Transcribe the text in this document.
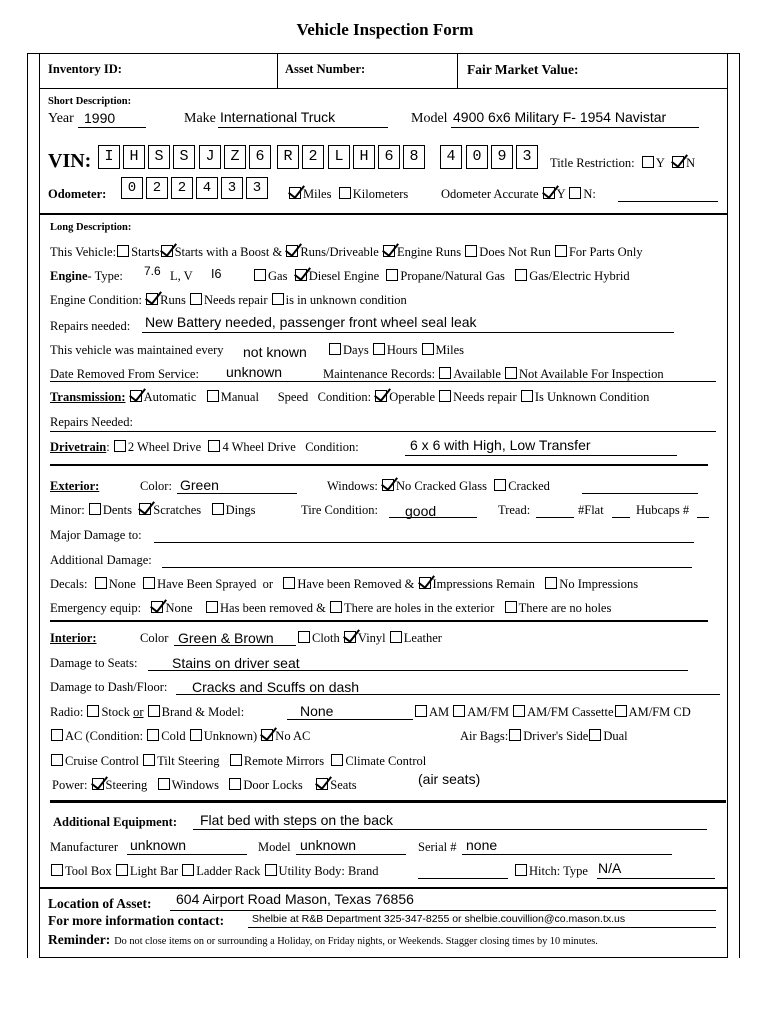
Vehicle Inspection Form
Inventory ID:	Asset Number:	Fair Market Value:
Short Description:
Year 1990	Make International Truck	Model 4900 6x6 Military F- 1954 Navistar
VIN: I	H	S	S	J	Z	6	R	2	L	H	6	8	4	0	9	3	Title Restriction: Y N
Odometer:	0	2	2	4	3	3	Miles Kilometers	Odometer Accurate Y N:
Long Description:
This Vehicle: Starts Starts with a Boost & Runs/Driveable Engine Runs Does Not Run For Parts Only
Engine- Type: 7.6 L, V I6	Gas Diesel Engine Propane/Natural Gas Gas/Electric Hybrid
Engine Condition: Runs Needs repair is in unknown condition
Repairs needed: New Battery needed, passenger front wheel seal leak
This vehicle was maintained every not known	Days Hours Miles
Date Removed From Service: unknown	Maintenance Records: Available Not Available For Inspection
Transmission: Automatic Manual Speed Condition: Operable Needs repair Is Unknown Condition
Repairs Needed:
Drivetrain: 2 Wheel Drive 4 Wheel Drive Condition:	6 x 6 with High, Low Transfer
Exterior:	Color: Green	Windows: No Cracked Glass Cracked
Minor: Dents Scratches Dings	Tire Condition: good	Tread:	#Flat	Hubcaps #
Major Damage to:
Additional Damage:
Decals: None Have Been Sprayed or Have been Removed & Impressions Remain No Impressions
Emergency equip: None Has been removed & There are holes in the exterior There are no holes
Interior:	Color Green & Brown	Cloth Vinyl Leather
Damage to Seats: Stains on driver seat
Damage to Dash/Floor: Cracks and Scuffs on dash
Radio: Stock or Brand & Model:	None	AM AM/FM AM/FM Cassette AM/FM CD
AC (Condition: Cold Unknown) No AC	Air Bags: Driver's Side Dual
Cruise Control Tilt Steering Remote Mirrors Climate Control
Power: Steering Windows Door Locks Seats	(air seats)
Additional Equipment: Flat bed with steps on the back
Manufacturer unknown	Model unknown	Serial # none
Tool Box Light Bar Ladder Rack Utility Body: Brand	Hitch: Type N/A
Location of Asset: 604 Airport Road Mason, Texas 76856
For more information contact:	Shelbie at R&B Department 325-347-8255 or shelbie.couvillion@co.mason.tx.us
Reminder: Do not close items on or surrounding a Holiday, on Friday nights, or Weekends. Stagger closing times by 10 minutes.
